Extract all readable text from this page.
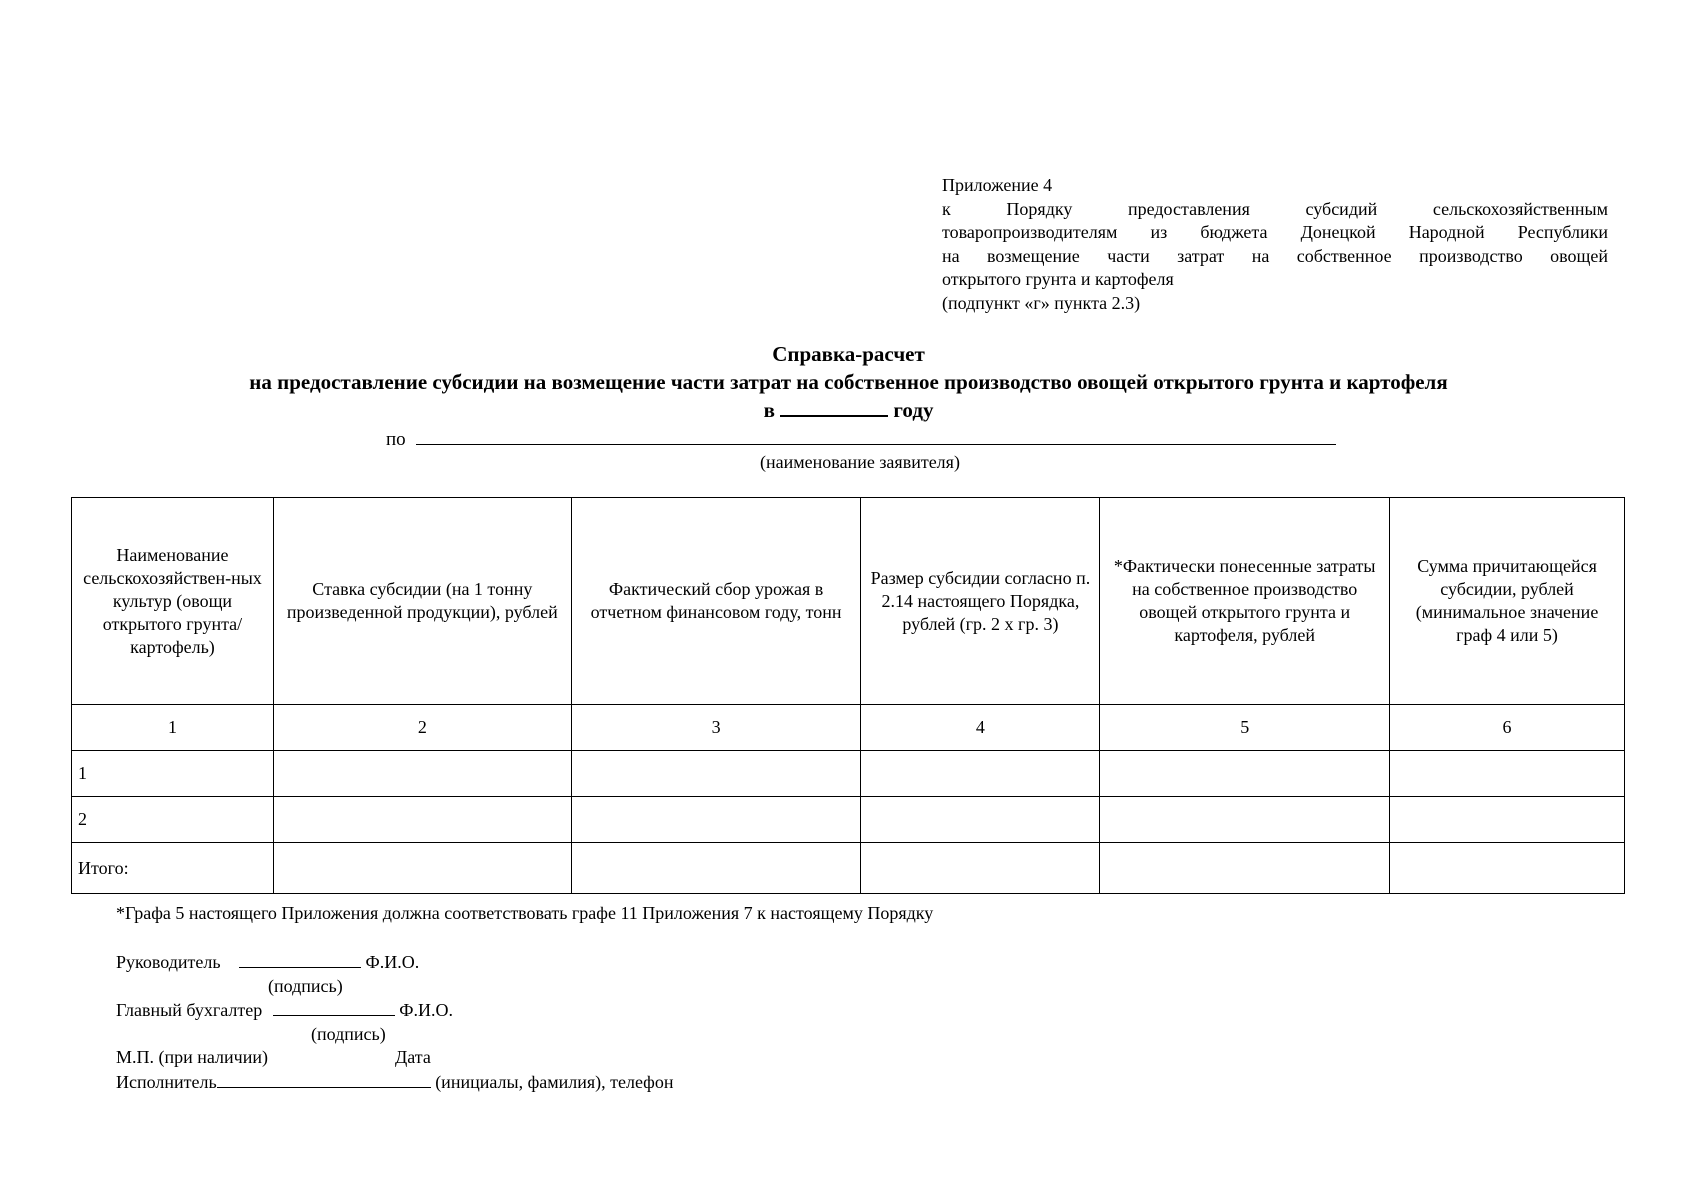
Приложение 4
к Порядку предоставления субсидий сельскохозяйственным
товаропроизводителям из бюджета Донецкой Народной Республики
на возмещение части затрат на собственное производство овощей
открытого грунта и картофеля
(подпункт «г» пункта 2.3)
Справка-расчет
на предоставление субсидии на возмещение части затрат на собственное производство овощей открытого грунта и картофеля
в	году
по
(наименование заявителя)
Наименование сельскохозяйствен-ных культур (овощи открытого грунта/картофель)	Ставка субсидии (на 1 тонну произведенной продукции), рублей	Фактический сбор урожая в отчетном финансовом году, тонн	Размер субсидии согласно п. 2.14 настоящего Порядка, рублей (гр. 2 х гр. 3)	*Фактически понесенные затраты на собственное производство овощей открытого грунта и картофеля, рублей	Сумма причитающейся субсидии, рублей (минимальное значение граф 4 или 5)
1	2	3	4	5	6
1					
2					
Итого:					
*Графа 5 настоящего Приложения должна соответствовать графе 11 Приложения 7 к настоящему Порядку
Руководитель	Ф.И.О.
(подпись)
Главный бухгалтер	Ф.И.О.
(подпись)
М.П. (при наличии)	Дата
Исполнитель	(инициалы, фамилия), телефон
